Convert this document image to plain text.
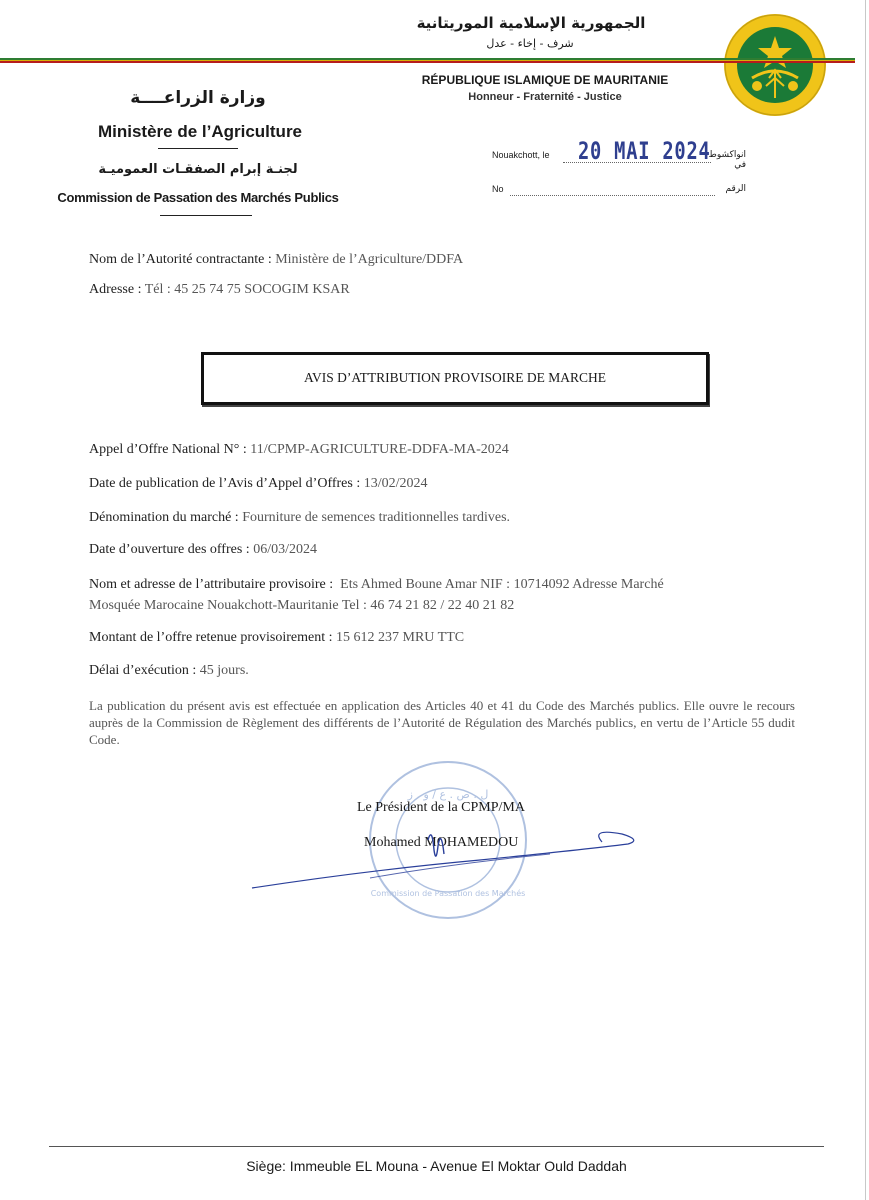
الجمهورية الإسلامية الموريتانية
شرف - إخاء - عدل
RÉPUBLIQUE ISLAMIQUE DE MAURITANIE
Honneur - Fraternité - Justice
وزارة الزراعــــة
Ministère de l’Agriculture
لجنـة إبرام الصفقـات العموميـة
Commission de Passation des Marchés Publics
Nouakchott, le 20 MAI 2024
انواكشوط في
No	الرقم

Nom de l’Autorité contractante : Ministère de l’Agriculture/DDFA

Adresse : Tél : 45 25 74 75 SOCOGIM KSAR

AVIS D’ATTRIBUTION PROVISOIRE DE MARCHE

Appel d’Offre National N° : 11/CPMP-AGRICULTURE-DDFA-MA-2024

Date de publication de l’Avis d’Appel d’Offres : 13/02/2024

Dénomination du marché : Fourniture de semences traditionnelles tardives.

Date d’ouverture des offres : 06/03/2024

Nom et adresse de l’attributaire provisoire : Ets Ahmed Boune Amar NIF : 10714092 Adresse Marché

Mosquée Marocaine Nouakchott-Mauritanie Tel : 46 74 21 82 / 22 40 21 82

Montant de l’offre retenue provisoirement : 15 612 237 MRU TTC

Délai d’exécution : 45 jours.

La publication du présent avis est effectuée en application des Articles 40 et 41 du Code des Marchés publics. Elle ouvre le recours auprès de la Commission de Règlement des différents de l’Autorité de Régulation des Marchés publics, en vertu de l’Article 55 dudit Code.

ل . ص . ع / و . ز
Commission de Passation des Marchés
Le Président de la CPMP/MA
Mohamed MOHAMEDOU
Siège: Immeuble EL Mouna - Avenue El Moktar Ould Daddah
